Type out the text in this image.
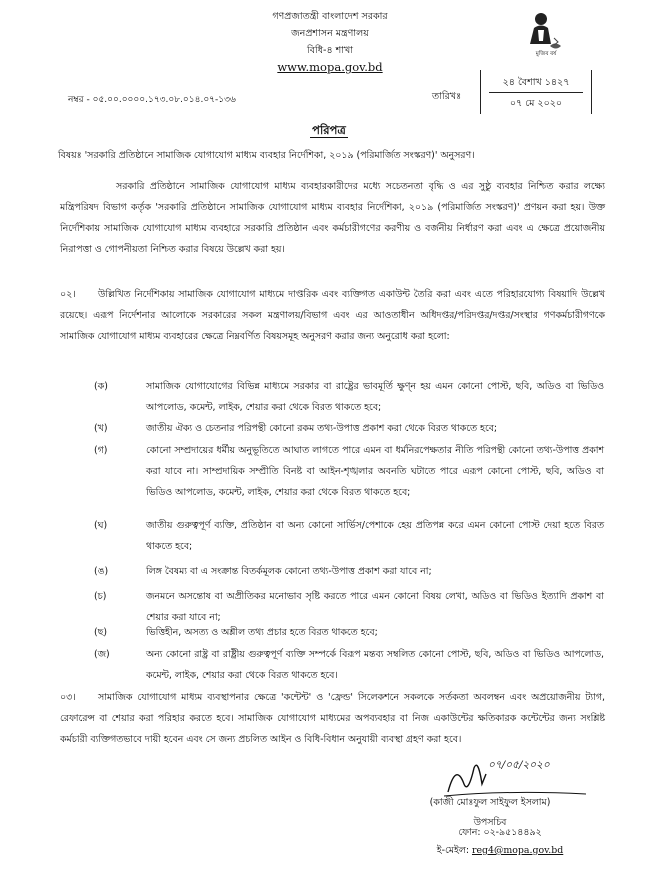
গণপ্রজাতন্ত্রী বাংলাদেশ সরকার
জনপ্রশাসন মন্ত্রণালয়
বিধি-৪ শাখা
www.mopa.gov.bd
মুজিব বর্ষ
নম্বর - ০৫.০০.০০০০.১৭৩.০৮.০১৪.০৭-১৩৬	তারিখঃ
২৪ বৈশাখ ১৪২৭
০৭ মে ২০২০
পরিপত্র
বিষয়ঃ 'সরকারি প্রতিষ্ঠানে সামাজিক যোগাযোগ মাধ্যম ব্যবহার নির্দেশিকা, ২০১৯ (পরিমার্জিত সংস্করণ)' অনুসরণ।
সরকারি প্রতিষ্ঠানে সামাজিক যোগাযোগ মাধ্যম ব্যবহারকারীদের মধ্যে সচেতনতা বৃদ্ধি ও এর সুষ্ঠু ব্যবহার নিশ্চিত করার লক্ষ্যে মন্ত্রিপরিষদ বিভাগ কর্তৃক 'সরকারি প্রতিষ্ঠানে সামাজিক যোগাযোগ মাধ্যম ব্যবহার নির্দেশিকা, ২০১৯ (পরিমার্জিত সংস্করণ)' প্রণয়ন করা হয়। উক্ত নির্দেশিকায় সামাজিক যোগাযোগ মাধ্যম ব্যবহারে সরকারি প্রতিষ্ঠান এবং কর্মচারীগণের করণীয় ও বর্জনীয় নির্ধারণ করা এবং এ ক্ষেত্রে প্রয়োজনীয় নিরাপত্তা ও গোপনীয়তা নিশ্চিত করার বিষয়ে উল্লেখ করা হয়।
০২। উল্লিখিত নির্দেশিকায় সামাজিক যোগাযোগ মাধ্যমে দাপ্তরিক এবং ব্যক্তিগত একাউন্ট তৈরি করা এবং এতে পরিহারযোগ্য বিষয়াদি উল্লেখ রয়েছে। এরূপ নির্দেশনার আলোকে সরকারের সকল মন্ত্রণালয়/বিভাগ এবং এর আওতাধীন অধিদপ্তর/পরিদপ্তর/দপ্তর/সংস্থার গণকর্মচারীগণকে সামাজিক যোগাযোগ মাধ্যম ব্যবহারের ক্ষেত্রে নিম্নবর্ণিত বিষয়সমূহ অনুসরণ করার জন্য অনুরোধ করা হলো:
(ক)	সামাজিক যোগাযোগের বিভিন্ন মাধ্যমে সরকার বা রাষ্ট্রের ভাবমূর্তি ক্ষুণ্ন হয় এমন কোনো পোস্ট, ছবি, অডিও বা ভিডিও আপলোড, কমেন্ট, লাইক, শেয়ার করা থেকে বিরত থাকতে হবে;
(খ)	জাতীয় ঐক্য ও চেতনার পরিপন্থী কোনো রকম তথ্য-উপাত্ত প্রকাশ করা থেকে বিরত থাকতে হবে;
(গ)	কোনো সম্প্রদায়ের ধর্মীয় অনুভূতিতে আঘাত লাগতে পারে এমন বা ধর্মনিরপেক্ষতার নীতি পরিপন্থী কোনো তথ্য-উপাত্ত প্রকাশ করা যাবে না। সাম্প্রদায়িক সম্প্রীতি বিনষ্ট বা আইন-শৃঙ্খলার অবনতি ঘটাতে পারে এরূপ কোনো পোস্ট, ছবি, অডিও বা ভিডিও আপলোড, কমেন্ট, লাইক, শেয়ার করা থেকে বিরত থাকতে হবে;
(ঘ)	জাতীয় গুরুত্বপূর্ণ ব্যক্তি, প্রতিষ্ঠান বা অন্য কোনো সার্ভিস/পেশাকে হেয় প্রতিপন্ন করে এমন কোনো পোস্ট দেয়া হতে বিরত থাকতে হবে;
(ঙ)	লিঙ্গ বৈষম্য বা এ সংক্রান্ত বিতর্কমূলক কোনো তথ্য-উপাত্ত প্রকাশ করা যাবে না;
(চ)	জনমনে অসন্তোষ বা অপ্রীতিকর মনোভাব সৃষ্টি করতে পারে এমন কোনো বিষয় লেখা, অডিও বা ভিডিও ইত্যাদি প্রকাশ বা শেয়ার করা যাবে না;
(ছ)	ভিত্তিহীন, অসত্য ও অশ্লীল তথ্য প্রচার হতে বিরত থাকতে হবে;
(জ)	অন্য কোনো রাষ্ট্র বা রাষ্ট্রীয় গুরুত্বপূর্ণ ব্যক্তি সম্পর্কে বিরূপ মন্তব্য সম্বলিত কোনো পোস্ট, ছবি, অডিও বা ভিডিও আপলোড, কমেন্ট, লাইক, শেয়ার করা থেকে বিরত থাকতে হবে।
০৩। সামাজিক যোগাযোগ মাধ্যম ব্যবস্থাপনার ক্ষেত্রে 'কন্টেন্ট' ও 'ফ্রেন্ড' সিলেকশনে সকলকে সর্তকতা অবলম্বন এবং অপ্রয়োজনীয় ট্যাগ, রেফারেন্স বা শেয়ার করা পরিহার করতে হবে। সামাজিক যোগাযোগ মাধ্যমের অপব্যবহার বা নিজ একাউন্টের ক্ষতিকারক কন্টেন্টের জন্য সংশ্লিষ্ট কর্মচারী ব্যক্তিগতভাবে দায়ী হবেন এবং সে জন্য প্রচলিত আইন ও বিধি-বিধান অনুযায়ী ব্যবস্থা গ্রহণ করা হবে।
০৭/০৫/২০২০
(কাজী মোঃফুল সাইফুল ইসলাম)
উপসচিব
ফোন: ০২-৯৫১৪৪৯২
ই-মেইল: reg4@mopa.gov.bd
